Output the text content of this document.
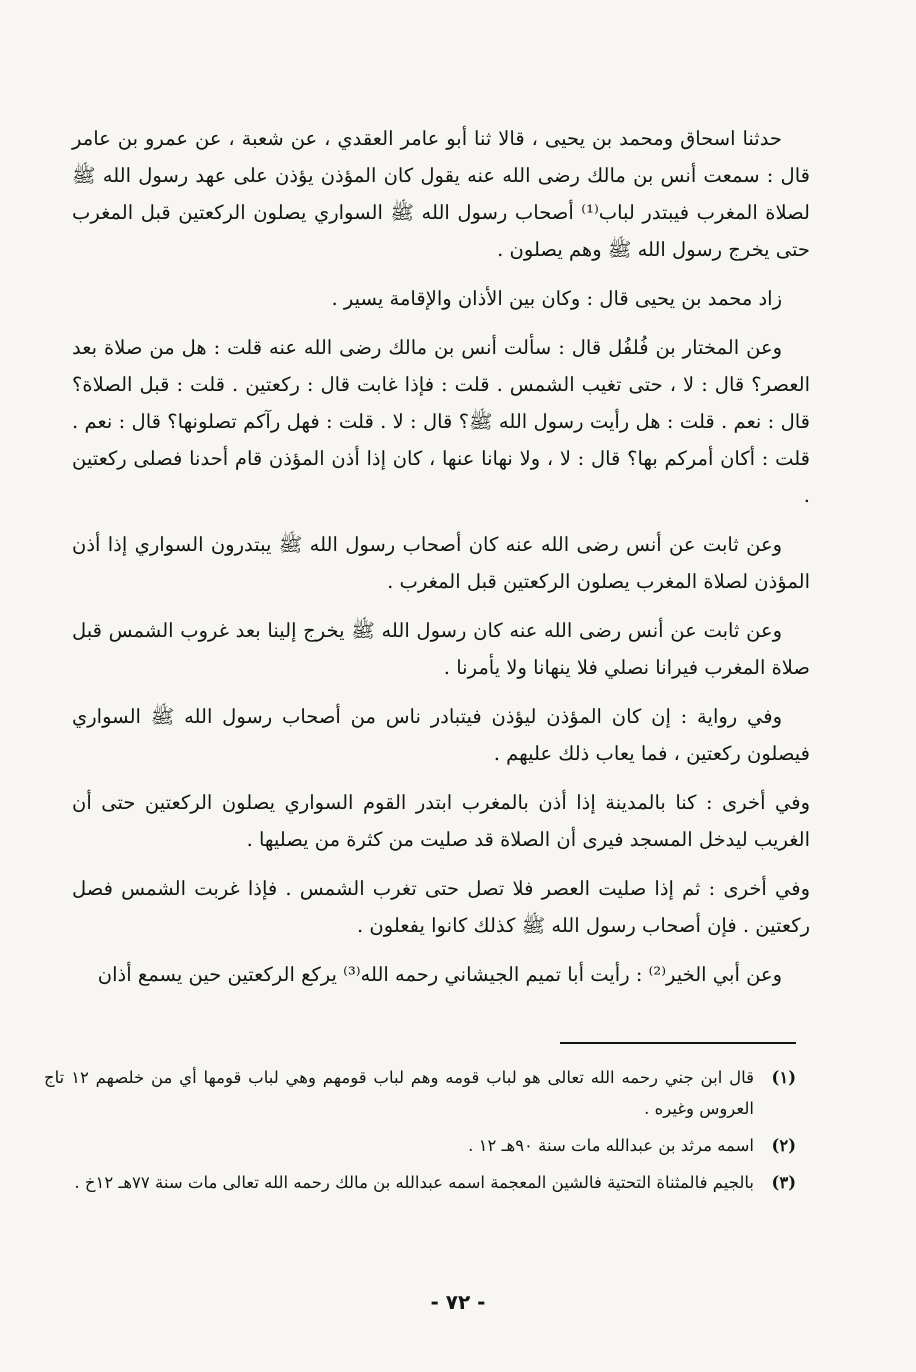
حدثنا اسحاق ومحمد بن يحيى ، قالا ثنا أبو عامر العقدي ، عن شعبة ، عن عمرو بن عامر قال : سمعت أنس بن مالك رضى الله عنه يقول كان المؤذن يؤذن على عهد رسول الله ﷺ لصلاة المغرب فيبتدر لباب⁽¹⁾ أصحاب رسول الله ﷺ السواري يصلون الركعتين قبل المغرب حتى يخرج رسول الله ﷺ وهم يصلون .

زاد محمد بن يحيى قال : وكان بين الأذان والإقامة يسير .

وعن المختار بن فُلفُل قال : سألت أنس بن مالك رضى الله عنه قلت : هل من صلاة بعد العصر؟ قال : لا ، حتى تغيب الشمس . قلت : فإذا غابت قال : ركعتين . قلت : قبل الصلاة؟ قال : نعم . قلت : هل رأيت رسول الله ﷺ؟ قال : لا . قلت : فهل رآكم تصلونها؟ قال : نعم . قلت : أكان أمركم بها؟ قال : لا ، ولا نهانا عنها ، كان إذا أذن المؤذن قام أحدنا فصلى ركعتين .

وعن ثابت عن أنس رضى الله عنه كان أصحاب رسول الله ﷺ يبتدرون السواري إذا أذن المؤذن لصلاة المغرب يصلون الركعتين قبل المغرب .

وعن ثابت عن أنس رضى الله عنه كان رسول الله ﷺ يخرج إلينا بعد غروب الشمس قبل صلاة المغرب فيرانا نصلي فلا ينهانا ولا يأمرنا .

وفي رواية : إن كان المؤذن ليؤذن فيتبادر ناس من أصحاب رسول الله ﷺ السواري فيصلون ركعتين ، فما يعاب ذلك عليهم .

وفي أخرى : كنا بالمدينة إذا أذن بالمغرب ابتدر القوم السواري يصلون الركعتين حتى أن الغريب ليدخل المسجد فيرى أن الصلاة قد صليت من كثرة من يصليها .

وفي أخرى : ثم إذا صليت العصر فلا تصل حتى تغرب الشمس . فإذا غربت الشمس فصل ركعتين . فإن أصحاب رسول الله ﷺ كذلك كانوا يفعلون .

وعن أبي الخير⁽²⁾ : رأيت أبا تميم الجيشاني رحمه الله⁽³⁾ يركع الركعتين حين يسمع أذان

(١)
قال ابن جني رحمه الله تعالى هو لباب قومه وهم لباب قومهم وهي لباب قومها أي من خلصهم ١٢ تاج العروس وغيره .
(٢)
اسمه مرثد بن عبدالله مات سنة ٩٠هـ ١٢ .
(٣)
بالجيم فالمثناة التحتية فالشين المعجمة اسمه عبدالله بن مالك رحمه الله تعالى مات سنة ٧٧هـ ١٢خ .
- ٧٢ -
